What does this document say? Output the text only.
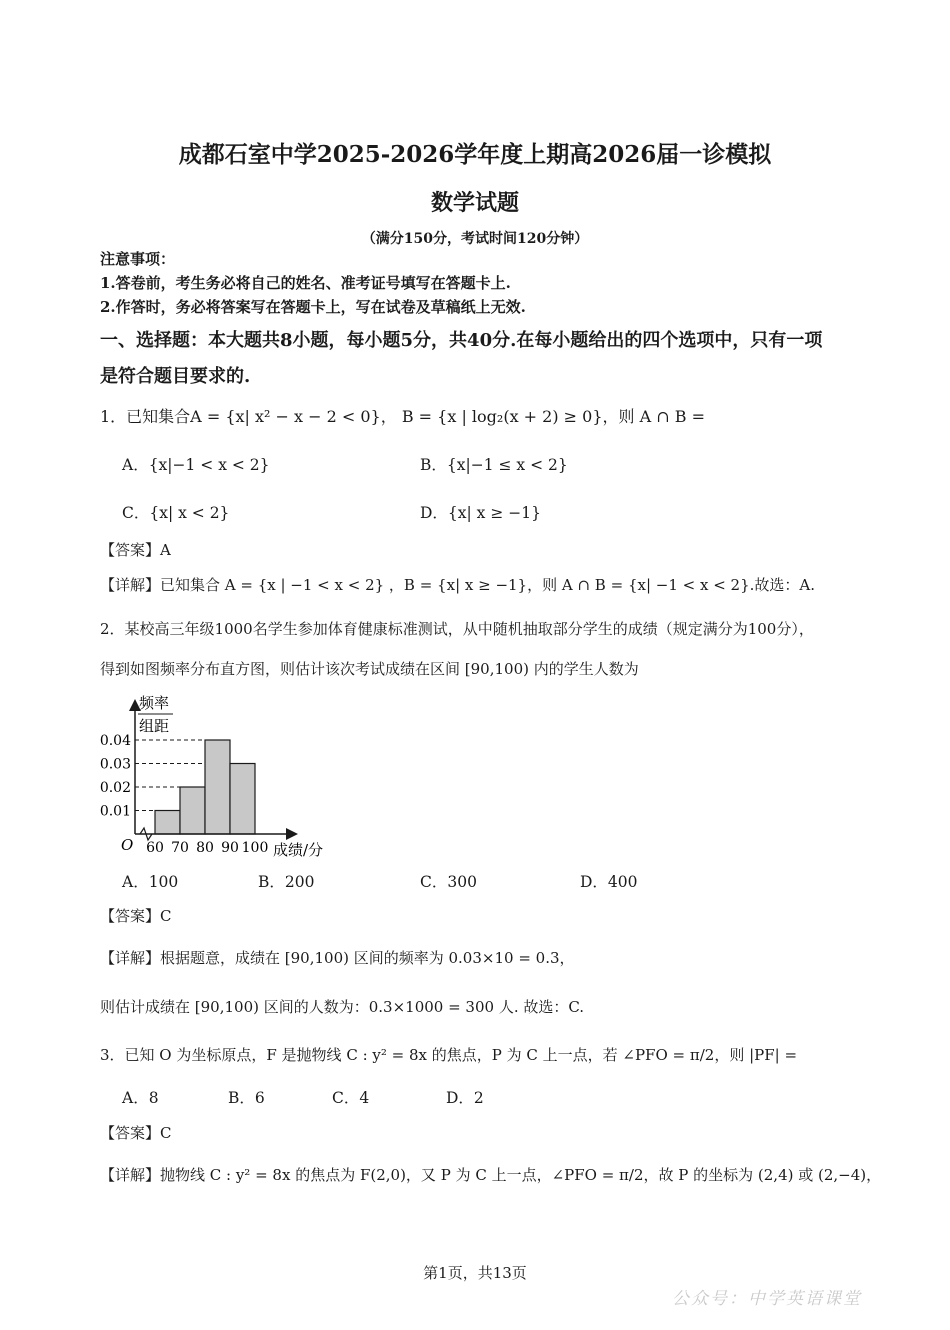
成都石室中学2025-2026学年度上期高2026届一诊模拟
数学试题
（满分150分，考试时间120分钟）
注意事项：
1.答卷前，考生务必将自己的姓名、准考证号填写在答题卡上.
2.作答时，务必将答案写在答题卡上，写在试卷及草稿纸上无效.
一、选择题：本大题共8小题，每小题5分，共40分.在每小题给出的四个选项中，只有一项
是符合题目要求的.
1．已知集合A = {x| x² − x − 2 < 0}， B = {x | log₂(x + 2) ≥ 0}，则 A ∩ B =
A．{x|−1 < x < 2}	B．{x|−1 ≤ x < 2}
C．{x| x < 2}	D．{x| x ≥ −1}
【答案】A
【详解】已知集合 A = {x | −1 < x < 2} ，B = {x| x ≥ −1}，则 A ∩ B = {x| −1 < x < 2}.故选：A.
2．某校高三年级1000名学生参加体育健康标准测试，从中随机抽取部分学生的成绩（规定满分为100分），
得到如图频率分布直方图，则估计该次考试成绩在区间 [90,100) 内的学生人数为
频率
组距
O	成绩/分
60 70 80 90 100
0.01
0.02
0.03
0.04
A．100	B．200	C．300	D．400
【答案】C
【详解】根据题意，成绩在 [90,100) 区间的频率为 0.03×10 = 0.3，
则估计成绩在 [90,100) 区间的人数为：0.3×1000 = 300 人. 故选：C.
3．已知 O 为坐标原点，F 是抛物线 C : y² = 8x 的焦点，P 为 C 上一点，若 ∠PFO = π/2，则 |PF| =
A．8	B．6	C．4	D．2
【答案】C
【详解】抛物线 C : y² = 8x 的焦点为 F(2,0)，又 P 为 C 上一点，∠PFO = π/2，故 P 的坐标为 (2,4) 或 (2,−4)，
第1页，共13页
公众号：中学英语课堂
